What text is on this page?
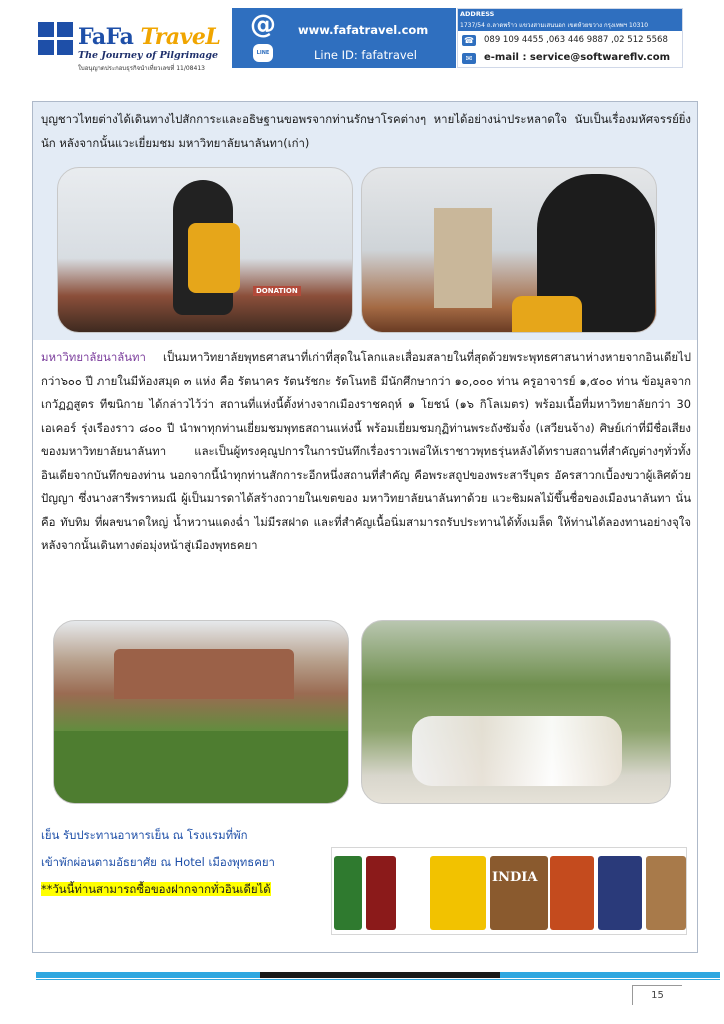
FaFa TraveL
The Journey of Pilgrimage
ใบอนุญาตประกอบธุรกิจนำเที่ยวเลขที่ 11/08413
@
LINE
www.fafatravel.com
Line ID: fafatravel
ADDRESS
1737/54 ถ.ลาดพร้าว แขวงสามเสนนอก เขตห้วยขวาง กรุงเทพฯ 10310
☎ 089 109 4455 ,063 446 9887 ,02 512 5568
✉	e-mail : service@softwareflv.com

บุญชาวไทยต่างได้เดินทางไปสักการะและอธิษฐานขอพรจากท่านรักษาโรคต่างๆ หายได้อย่างน่าประหลาดใจ นับเป็นเรื่องมหัศจรรย์ยิ่งนัก หลังจากนั้นแวะเยี่ยมชม มหาวิทยาลัยนาลันทา(เก่า)

DONATION

มหาวิทยาลัยนาลันทา เป็นมหาวิทยาลัยพุทธศาสนาที่เก่าที่สุดในโลกและเสื่อมสลายในที่สุดด้วยพระพุทธศาสนาห่างหายจากอินเดียไปกว่า๖๐๐ ปี ภายในมีห้องสมุด ๓ แห่ง คือ รัตนาคร รัตนรัชกะ รัตโนทธิ มีนักศึกษากว่า ๑๐,๐๐๐ ท่าน ครูอาจารย์ ๑,๕๐๐ ท่าน ข้อมูลจากเกวัฏฏสูตร ทีฆนิกาย ได้กล่าวไว้ว่า สถานที่แห่งนี้ตั้งห่างจากเมืองราชคฤห์ ๑ โยชน์ (๑๖ กิโลเมตร) พร้อมเนื้อที่มหาวิทยาลัยกว่า 30 เอเคอร์ รุ่งเรืองราว ๘๐๐ ปี นำพาทุกท่านเยี่ยมชมพุทธสถานแห่งนี้ พร้อมเยี่ยมชมกุฏิท่านพระถังซัมจั๋ง (เสวียนจ้าง) ศิษย์เก่าที่มีชื่อเสียงของมหาวิทยาลัยนาลันทา และเป็นผู้ทรงคุณูปการในการบันทึกเรื่องราวเพอ่ให้เราชาวพุทธรุ่นหลังได้ทราบสถานที่สำคัญต่างๆทั่วทั้งอินเดียจากบันทึกของท่าน นอกจากนี้นำทุกท่านสักการะอีกหนึ่งสถานที่สำคัญ คือพระสถูปของพระสารีบุตร อัครสาวกเบื้องขวาผู้เลิศด้วยปัญญา ซึ่งนางสารีพราหมณี ผู้เป็นมารดาได้สร้างถวายในเขตของ มหาวิทยาลัยนาลันทาด้วย แวะชิมผลไม้ขึ้นชื่อของเมืองนาลันทา นั่นคือ ทับทิม ที่ผลขนาดใหญ่ น้ำหวานแดงฉ่ำ ไม่มีรสฝาด และที่สำคัญเนื้อนิ่มสามารถรับประทานได้ทั้งเมล็ด ให้ท่านได้ลองทานอย่างจุใจ หลังจากนั้นเดินทางต่อมุ่งหน้าสู่เมืองพุทธคยา

เย็น รับประทานอาหารเย็น ณ โรงแรมที่พัก
เข้าพักผ่อนตามอัธยาศัย ณ Hotel เมืองพุทธคยา
**วันนี้ท่านสามารถซื้อของฝากจากทั่วอินเดียได้
INDIA
15
